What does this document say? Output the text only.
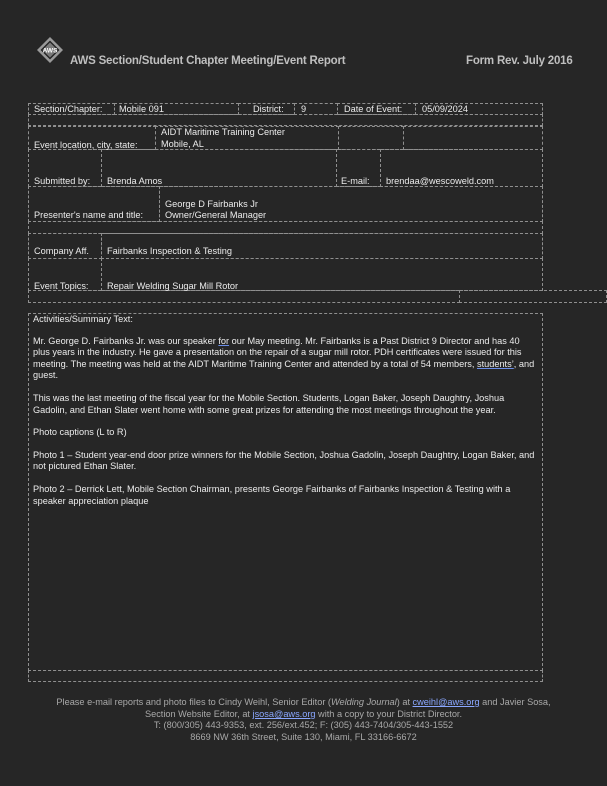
AWS
AWS Section/Student Chapter Meeting/Event Report	Form Rev. July 2016
Section/Chapter: Mobile 091	District: 9	Date of Event: 05/09/2024
Event location, city, state:
AIDT Maritime Training Center
Mobile, AL
Submitted by: Brenda Amos	E-mail: brendaa@wescoweld.com
Presenter's name and title:
George D Fairbanks Jr
Owner/General Manager
Company Aff. Fairbanks Inspection & Testing
Event Topics: Repair Welding Sugar Mill Rotor

Activities/Summary Text:

Mr. George D. Fairbanks Jr. was our speaker for our May meeting. Mr. Fairbanks is a Past District 9 Director and has 40 plus years in the industry. He gave a presentation on the repair of a sugar mill rotor. PDH certificates were issued for this meeting. The meeting was held at the AIDT Maritime Training Center and attended by a total of 54 members, students’, and guest.

This was the last meeting of the fiscal year for the Mobile Section. Students, Logan Baker, Joseph Daughtry, Joshua Gadolin, and Ethan Slater went home with some great prizes for attending the most meetings throughout the year.

Photo captions (L to R)

Photo 1 – Student year-end door prize winners for the Mobile Section, Joshua Gadolin, Joseph Daughtry, Logan Baker, and not pictured Ethan Slater.

Photo 2 – Derrick Lett, Mobile Section Chairman, presents George Fairbanks of Fairbanks Inspection & Testing with a speaker appreciation plaque

Please e-mail reports and photo files to Cindy Weihl, Senior Editor (Welding Journal) at cweihl@aws.org and Javier Sosa,
Section Website Editor, at jsosa@aws.org with a copy to your District Director.
T: (800/305) 443-9353, ext. 256/ext.452; F: (305) 443-7404/305-443-1552
8669 NW 36th Street, Suite 130, Miami, FL 33166-6672
